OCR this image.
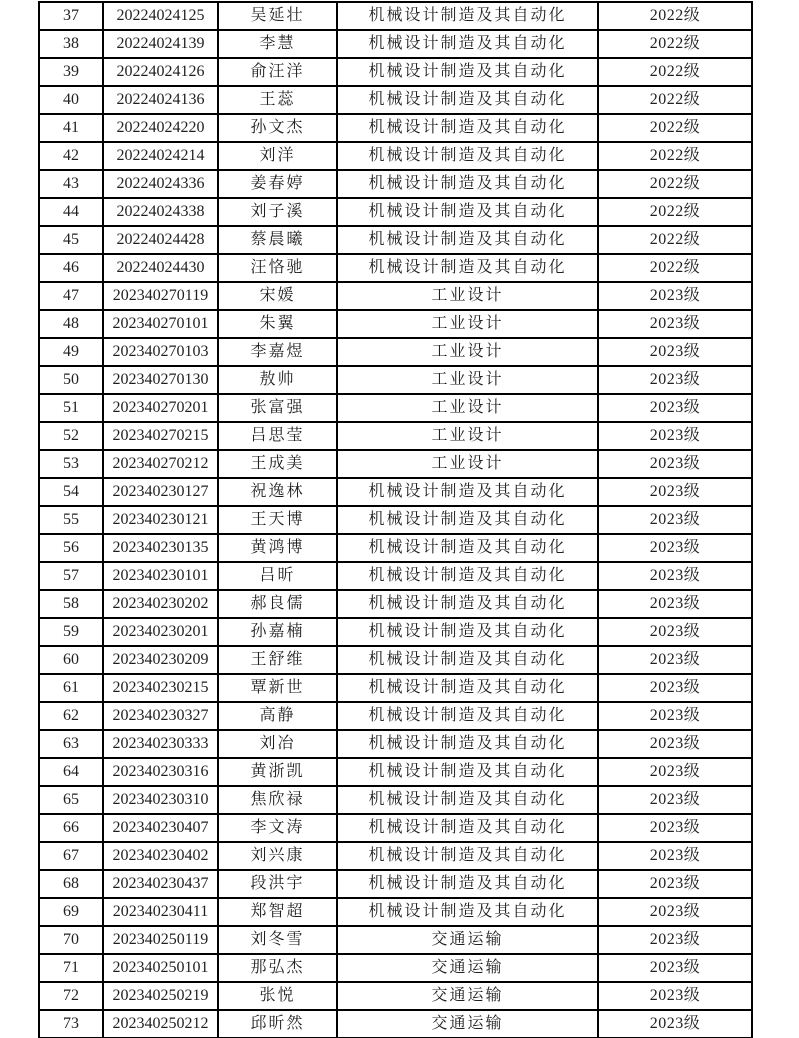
37	20224024125	吴延壮	机械设计制造及其自动化	2022级
38	20224024139	李慧	机械设计制造及其自动化	2022级
39	20224024126	俞汪洋	机械设计制造及其自动化	2022级
40	20224024136	王蕊	机械设计制造及其自动化	2022级
41	20224024220	孙文杰	机械设计制造及其自动化	2022级
42	20224024214	刘洋	机械设计制造及其自动化	2022级
43	20224024336	姜春婷	机械设计制造及其自动化	2022级
44	20224024338	刘子溪	机械设计制造及其自动化	2022级
45	20224024428	蔡晨曦	机械设计制造及其自动化	2022级
46	20224024430	汪恪驰	机械设计制造及其自动化	2022级
47	202340270119	宋媛	工业设计	2023级
48	202340270101	朱翼	工业设计	2023级
49	202340270103	李嘉煜	工业设计	2023级
50	202340270130	敖帅	工业设计	2023级
51	202340270201	张富强	工业设计	2023级
52	202340270215	吕思莹	工业设计	2023级
53	202340270212	王成美	工业设计	2023级
54	202340230127	祝逸林	机械设计制造及其自动化	2023级
55	202340230121	王天博	机械设计制造及其自动化	2023级
56	202340230135	黄鸿博	机械设计制造及其自动化	2023级
57	202340230101	吕昕	机械设计制造及其自动化	2023级
58	202340230202	郝良儒	机械设计制造及其自动化	2023级
59	202340230201	孙嘉楠	机械设计制造及其自动化	2023级
60	202340230209	王舒维	机械设计制造及其自动化	2023级
61	202340230215	覃新世	机械设计制造及其自动化	2023级
62	202340230327	高静	机械设计制造及其自动化	2023级
63	202340230333	刘冶	机械设计制造及其自动化	2023级
64	202340230316	黄浙凯	机械设计制造及其自动化	2023级
65	202340230310	焦欣禄	机械设计制造及其自动化	2023级
66	202340230407	李文涛	机械设计制造及其自动化	2023级
67	202340230402	刘兴康	机械设计制造及其自动化	2023级
68	202340230437	段洪宇	机械设计制造及其自动化	2023级
69	202340230411	郑智超	机械设计制造及其自动化	2023级
70	202340250119	刘冬雪	交通运输	2023级
71	202340250101	那弘杰	交通运输	2023级
72	202340250219	张悦	交通运输	2023级
73	202340250212	邱昕然	交通运输	2023级
